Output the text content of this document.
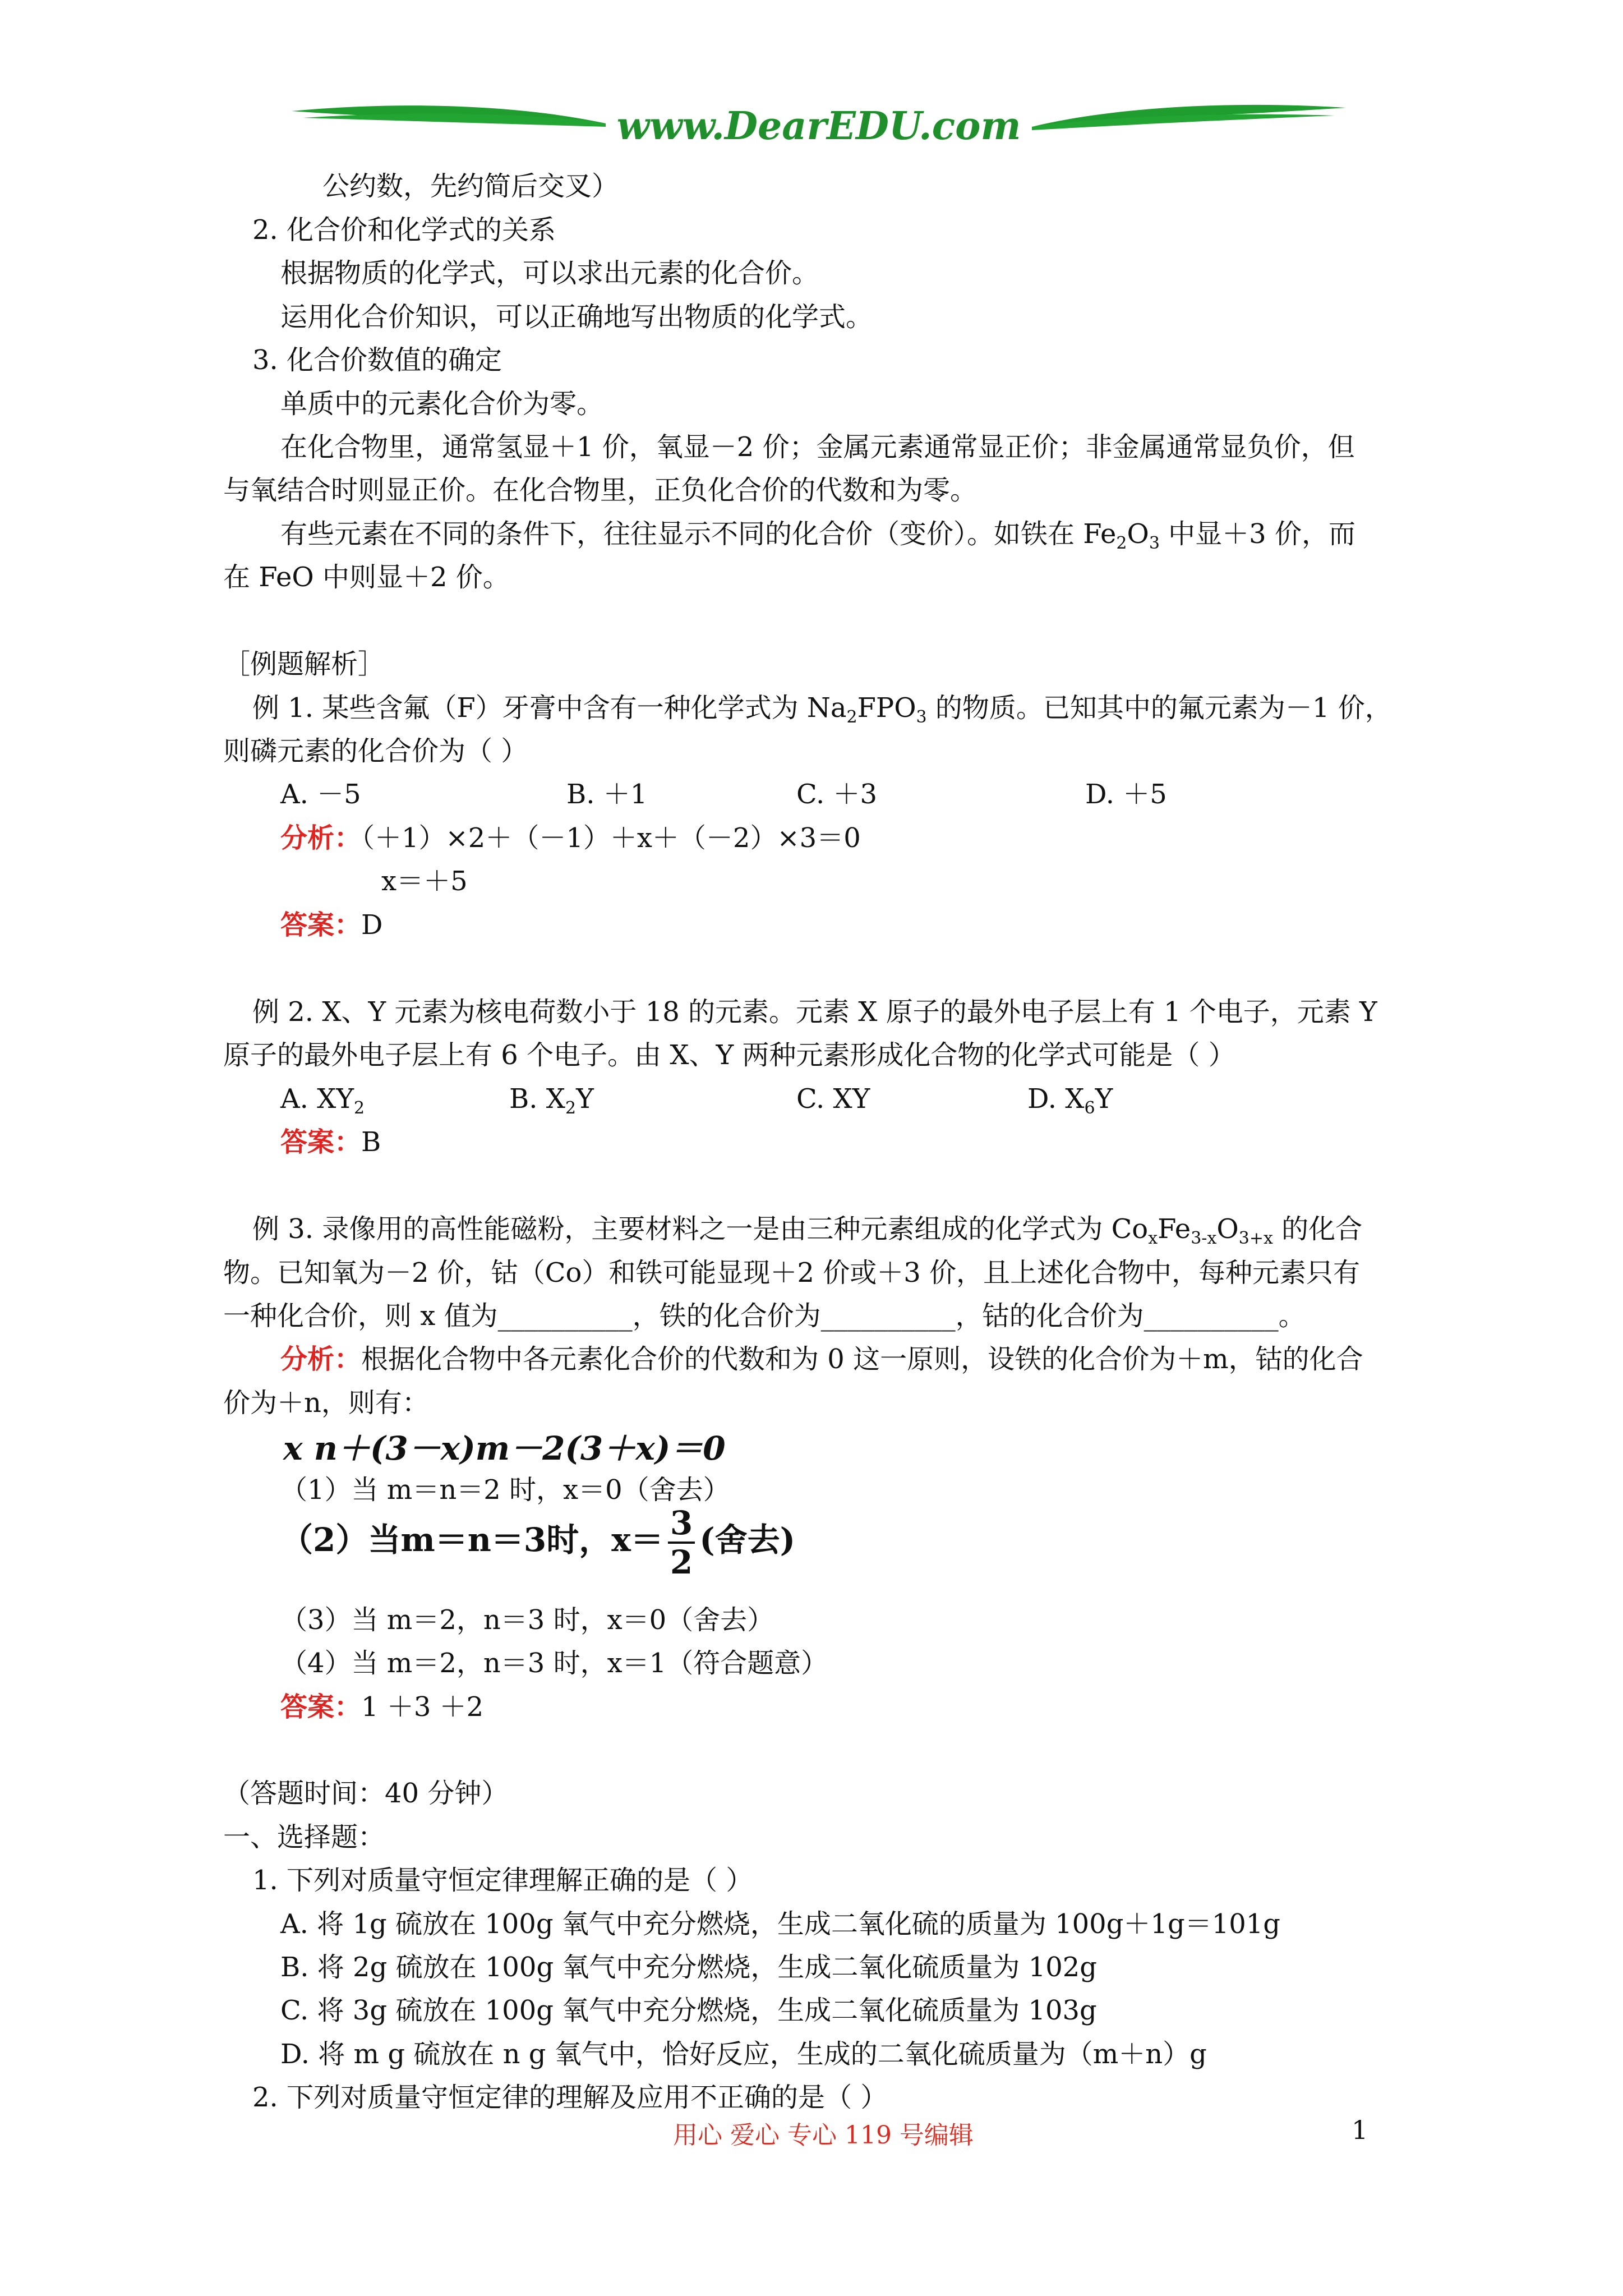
www.DearEDU.com
公约数，先约简后交叉）
2. 化合价和化学式的关系
根据物质的化学式，可以求出元素的化合价。
运用化合价知识，可以正确地写出物质的化学式。
3. 化合价数值的确定
单质中的元素化合价为零。
在化合物里，通常氢显＋1 价，氧显－2 价；金属元素通常显正价；非金属通常显负价，但
与氧结合时则显正价。在化合物里，正负化合价的代数和为零。
有些元素在不同的条件下，往往显示不同的化合价（变价）。如铁在 $Fe_2O_3$ 中显＋3 价，而
在 FeO 中则显＋2 价。
［例题解析］
例 1. 某些含氟（F）牙膏中含有一种化学式为 $Na_2FPO_3$ 的物质。已知其中的氟元素为－1 价，
则磷元素的化合价为（ ）
A. －5	B. ＋1	C. ＋3	D. ＋5
分析：（＋1）×2＋（－1）＋x＋（－2）×3＝0
x＝＋5
答案：D
例 2. X、Y 元素为核电荷数小于 18 的元素。元素 X 原子的最外电子层上有 1 个电子，元素 Y
原子的最外电子层上有 6 个电子。由 X、Y 两种元素形成化合物的化学式可能是（ ）
A. $XY_2$	B. $X_2Y$	C. XY	D. $X_6Y$
答案：B
例 3. 录像用的高性能磁粉，主要材料之一是由三种元素组成的化学式为 $Co_xFe_{3-x}O_{3+x}$ 的化合
物。已知氧为－2 价，钴（Co）和铁可能显现＋2 价或＋3 价，且上述化合物中，每种元素只有
一种化合价，则 x 值为__________，铁的化合价为__________，钴的化合价为__________。
分析：根据化合物中各元素化合价的代数和为 0 这一原则，设铁的化合价为＋m，钴的化合
价为＋n，则有：
x n＋(3－x)m－2(3＋x)＝0
（1）当 m＝n＝2 时，x＝0（舍去）
（2）当m＝n＝3时，$x= \frac{3}{2}$ (舍去)
（3）当 m＝2，n＝3 时，x＝0（舍去）
（4）当 m＝2，n＝3 时，x＝1（符合题意）
答案：1 ＋3 ＋2
（答题时间：40 分钟）
一、选择题：
1. 下列对质量守恒定律理解正确的是（ ）
A. 将 1g 硫放在 100g 氧气中充分燃烧，生成二氧化硫的质量为 100g＋1g＝101g
B. 将 2g 硫放在 100g 氧气中充分燃烧，生成二氧化硫质量为 102g
C. 将 3g 硫放在 100g 氧气中充分燃烧，生成二氧化硫质量为 103g
D. 将 m g 硫放在 n g 氧气中，恰好反应，生成的二氧化硫质量为（m＋n）g
2. 下列对质量守恒定律的理解及应用不正确的是（ ）
用心 爱心 专心 119 号编辑	1
